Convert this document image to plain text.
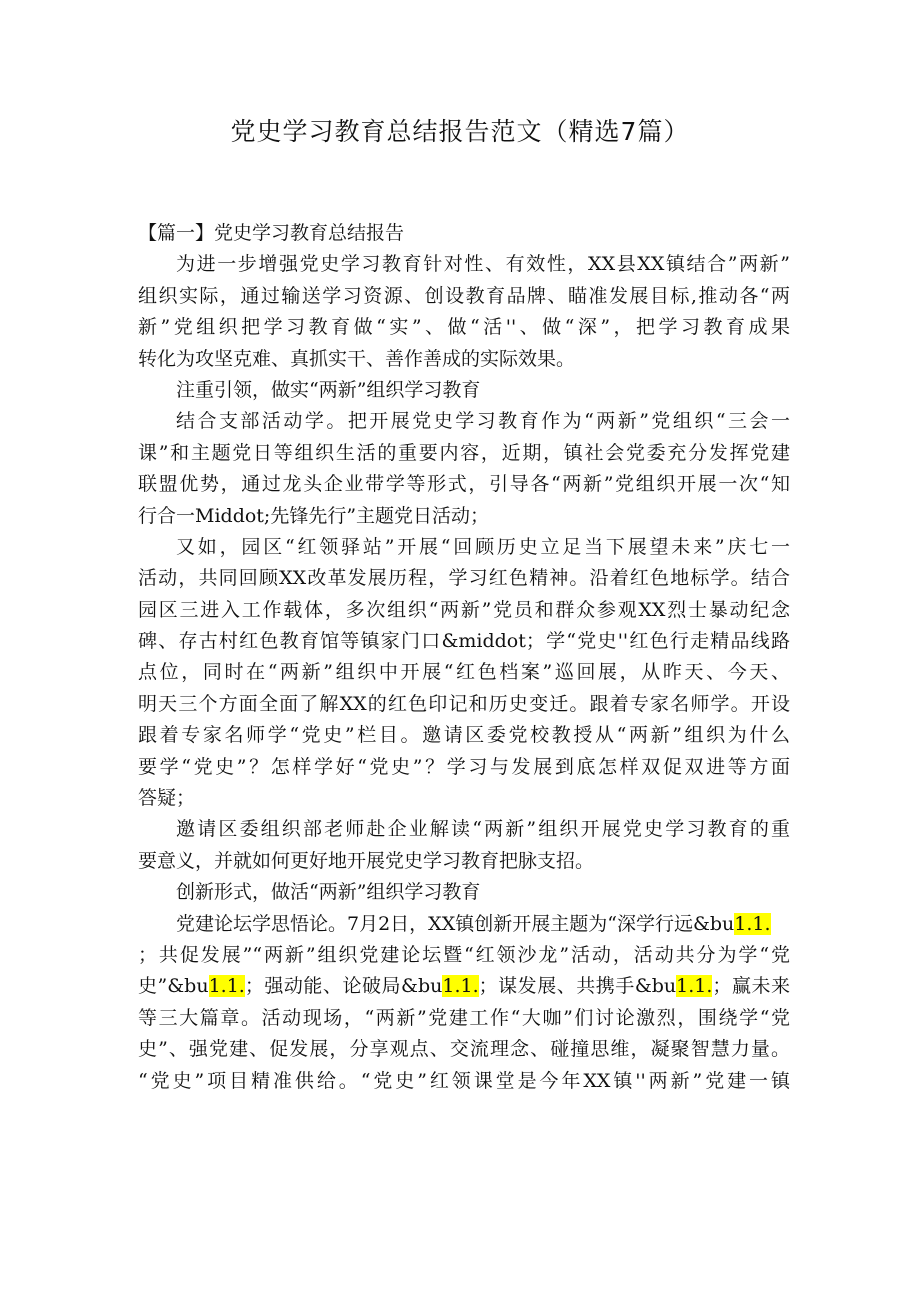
党史学习教育总结报告范文（精选7篇）
【篇一】党史学习教育总结报告
为进一步增强党史学习教育针对性、有效性，XX县XX镇结合”两新”
组织实际，通过输送学习资源、创设教育品牌、瞄准发展目标,推动各“两
新”党组织把学习教育做“实”、做“活''、做“深”，把学习教育成果
转化为攻坚克难、真抓实干、善作善成的实际效果。
注重引领，做实“两新”组织学习教育
结合支部活动学。把开展党史学习教育作为“两新”党组织“三会一
课”和主题党日等组织生活的重要内容，近期，镇社会党委充分发挥党建
联盟优势，通过龙头企业带学等形式，引导各“两新”党组织开展一次“知
行合一Middot;先锋先行”主题党日活动；
又如，园区“红领驿站”开展“回顾历史立足当下展望未来”庆七一
活动，共同回顾XX改革发展历程，学习红色精神。沿着红色地标学。结合
园区三进入工作载体，多次组织“两新”党员和群众参观XX烈士暴动纪念
碑、存古村红色教育馆等镇家门口&middot；学“党史''红色行走精品线路
点位，同时在“两新”组织中开展“红色档案”巡回展，从昨天、今天、
明天三个方面全面了解XX的红色印记和历史变迁。跟着专家名师学。开设
跟着专家名师学“党史”栏目。邀请区委党校教授从“两新”组织为什么
要学“党史”？怎样学好“党史”？学习与发展到底怎样双促双进等方面
答疑；
邀请区委组织部老师赴企业解读“两新”组织开展党史学习教育的重
要意义，并就如何更好地开展党史学习教育把脉支招。
创新形式，做活“两新”组织学习教育
党建论坛学思悟论。7月2日，XX镇创新开展主题为“深学行远&bu1.1.
；共促发展”“两新”组织党建论坛暨“红领沙龙”活动，活动共分为学“党
史”&bu1.1.；强动能、论破局&bu1.1.；谋发展、共携手&bu1.1.；赢未来
等三大篇章。活动现场，“两新”党建工作“大咖”们讨论激烈，围绕学“党
史”、强党建、促发展，分享观点、交流理念、碰撞思维，凝聚智慧力量。
“党史”项目精准供给。“党史”红领课堂是今年XX镇''两新”党建一镇
